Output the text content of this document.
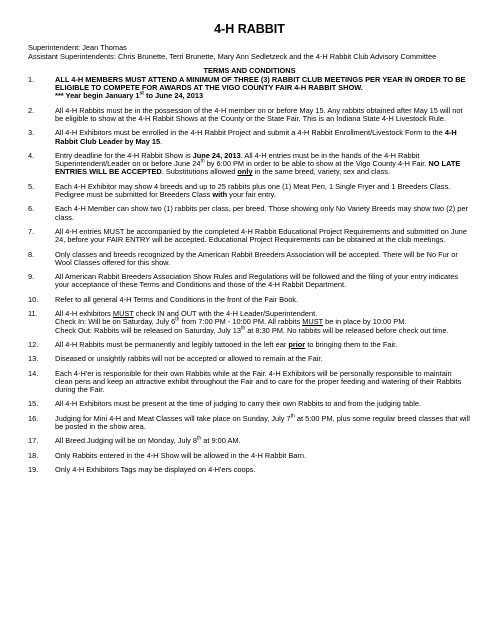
4-H RABBIT

Superintendent: Jean Thomas

Assistant Superintendents: Chris Brunette, Terri Brunette, Mary Ann Sedletzeck and the 4-H Rabbit Club Advisory Committee

TERMS AND CONDITIONS

1.	ALL 4-H MEMBERS MUST ATTEND A MINIMUM OF THREE (3) RABBIT CLUB MEETINGS PER YEAR IN ORDER TO BE ELIGIBLE TO COMPETE FOR AWARDS AT THE VIGO COUNTY FAIR 4-H RABBIT SHOW.
*** Year begin January 1st to June 24, 2013
2.	All 4-H Rabbits must be in the possession of the 4-H member on or before May 15. Any rabbits obtained after May 15 will not be eligible to show at the 4-H Rabbit Shows at the County or the State Fair. This is an Indiana State 4-H Livestock Rule.
3.	All 4-H Exhibitors must be enrolled in the 4-H Rabbit Project and submit a 4-H Rabbit Enrollment/Livestock Form to the 4-H Rabbit Club Leader by May 15.
4.	Entry deadline for the 4-H Rabbit Show is June 24, 2013. All 4-H entries must be in the hands of the 4-H Rabbit Superintendent/Leader on or before June 24th by 6:00 PM in order to be able to show at the Vigo County 4-H Fair. NO LATE ENTRIES WILL BE ACCEPTED. Substitutions allowed only in the same breed, variety, sex and class.
5.	Each 4-H Exhibitor may show 4 breeds and up to 25 rabbits plus one (1) Meat Pen, 1 Single Fryer and 1 Breeders Class. Pedigree must be submitted for Breeders Class with your fair entry.
6.	Each 4-H Member can show two (1) rabbits per class, per breed. Those showing only No Variety Breeds may show two (2) per class.
7.	All 4-H entries MUST be accompanied by the completed 4-H Rabbit Educational Project Requirements and submitted on June 24, before your FAIR ENTRY will be accepted. Educational Project Requirements can be obtained at the club meetings.
8.	Only classes and breeds recognized by the American Rabbit Breeders Association will be accepted. There will be No Fur or Wool Classes offered for this show.
9.	All American Rabbit Breeders Association Show Rules and Regulations will be followed and the filing of your entry indicates your acceptance of these Terms and Conditions and those of the 4-H Rabbit Department.
10.	Refer to all general 4-H Terms and Conditions in the front of the Fair Book.
11.	All 4-H exhibitors MUST check IN and OUT with the 4-H Leader/Superintendent.
Check In: Will be on Saturday, July 6th from 7:00 PM - 10:00 PM. All rabbits MUST be in place by 10:00 PM.
Check Out: Rabbits will be released on Saturday, July 13th at 8:30 PM. No rabbits will be released before check out time.
12.	All 4-H Rabbits must be permanently and legibly tattooed in the left ear prior to bringing them to the Fair.
13.	Diseased or unsightly rabbits will not be accepted or allowed to remain at the Fair.
14.	Each 4-H'er is responsible for their own Rabbits while at the Fair. 4-H Exhibitors will be personally responsible to maintain clean pens and keep an attractive exhibit throughout the Fair and to care for the proper feeding and watering of their Rabbits during the Fair.
15.	All 4-H Exhibitors must be present at the time of judging to carry their own Rabbits to and from the judging table.
16.	Judging for Mini 4-H and Meat Classes will take place on Sunday, July 7th at 5:00 PM, plus some regular breed classes that will be posted in the show area.
17.	All Breed Judging will be on Monday, July 8th at 9:00 AM.
18.	Only Rabbits entered in the 4-H Show will be allowed in the 4-H Rabbit Barn.
19.	Only 4-H Exhibitors Tags may be displayed on 4-H'ers coops.
